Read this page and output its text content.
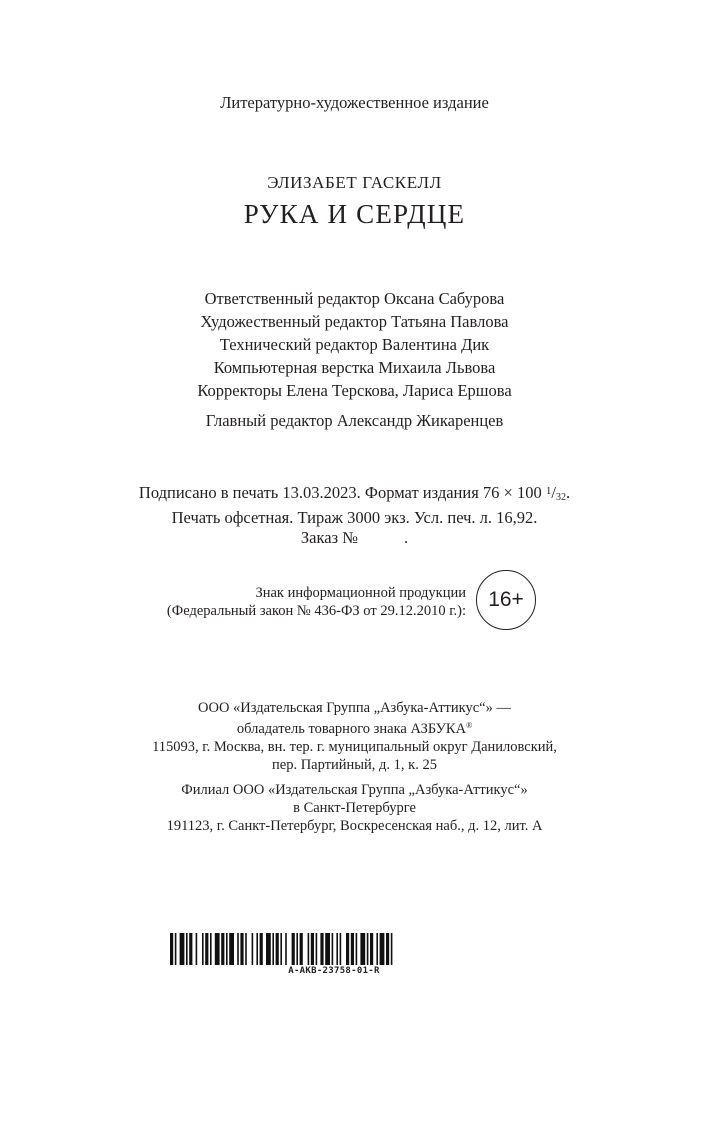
Литературно-художественное издание
ЭЛИЗАБЕТ ГАСКЕЛЛ
РУКА И СЕРДЦЕ
Ответственный редактор Оксана Сабурова
Художественный редактор Татьяна Павлова
Технический редактор Валентина Дик
Компьютерная верстка Михаила Львова
Корректоры Елена Терскова, Лариса Ершова
Главный редактор Александр Жикаренцев
Подписано в печать 13.03.2023. Формат издания 76 × 100 $^1$/32.
Печать офсетная. Тираж 3000 экз. Усл. печ. л. 16,92.
Заказ №	.
Знак информационной продукции
(Федеральный закон № 436-ФЗ от 29.12.2010 г.):	16+
ООО «Издательская Группа „Азбука-Аттикус“» —
обладатель товарного знака АЗБУКА®
115093, г. Москва, вн. тер. г. муниципальный округ Даниловский,
пер. Партийный, д. 1, к. 25
Филиал ООО «Издательская Группа „Азбука-Аттикус“»
в Санкт-Петербурге
191123, г. Санкт-Петербург, Воскресенская наб., д. 12, лит. А
A-AKB-23758-01-R
